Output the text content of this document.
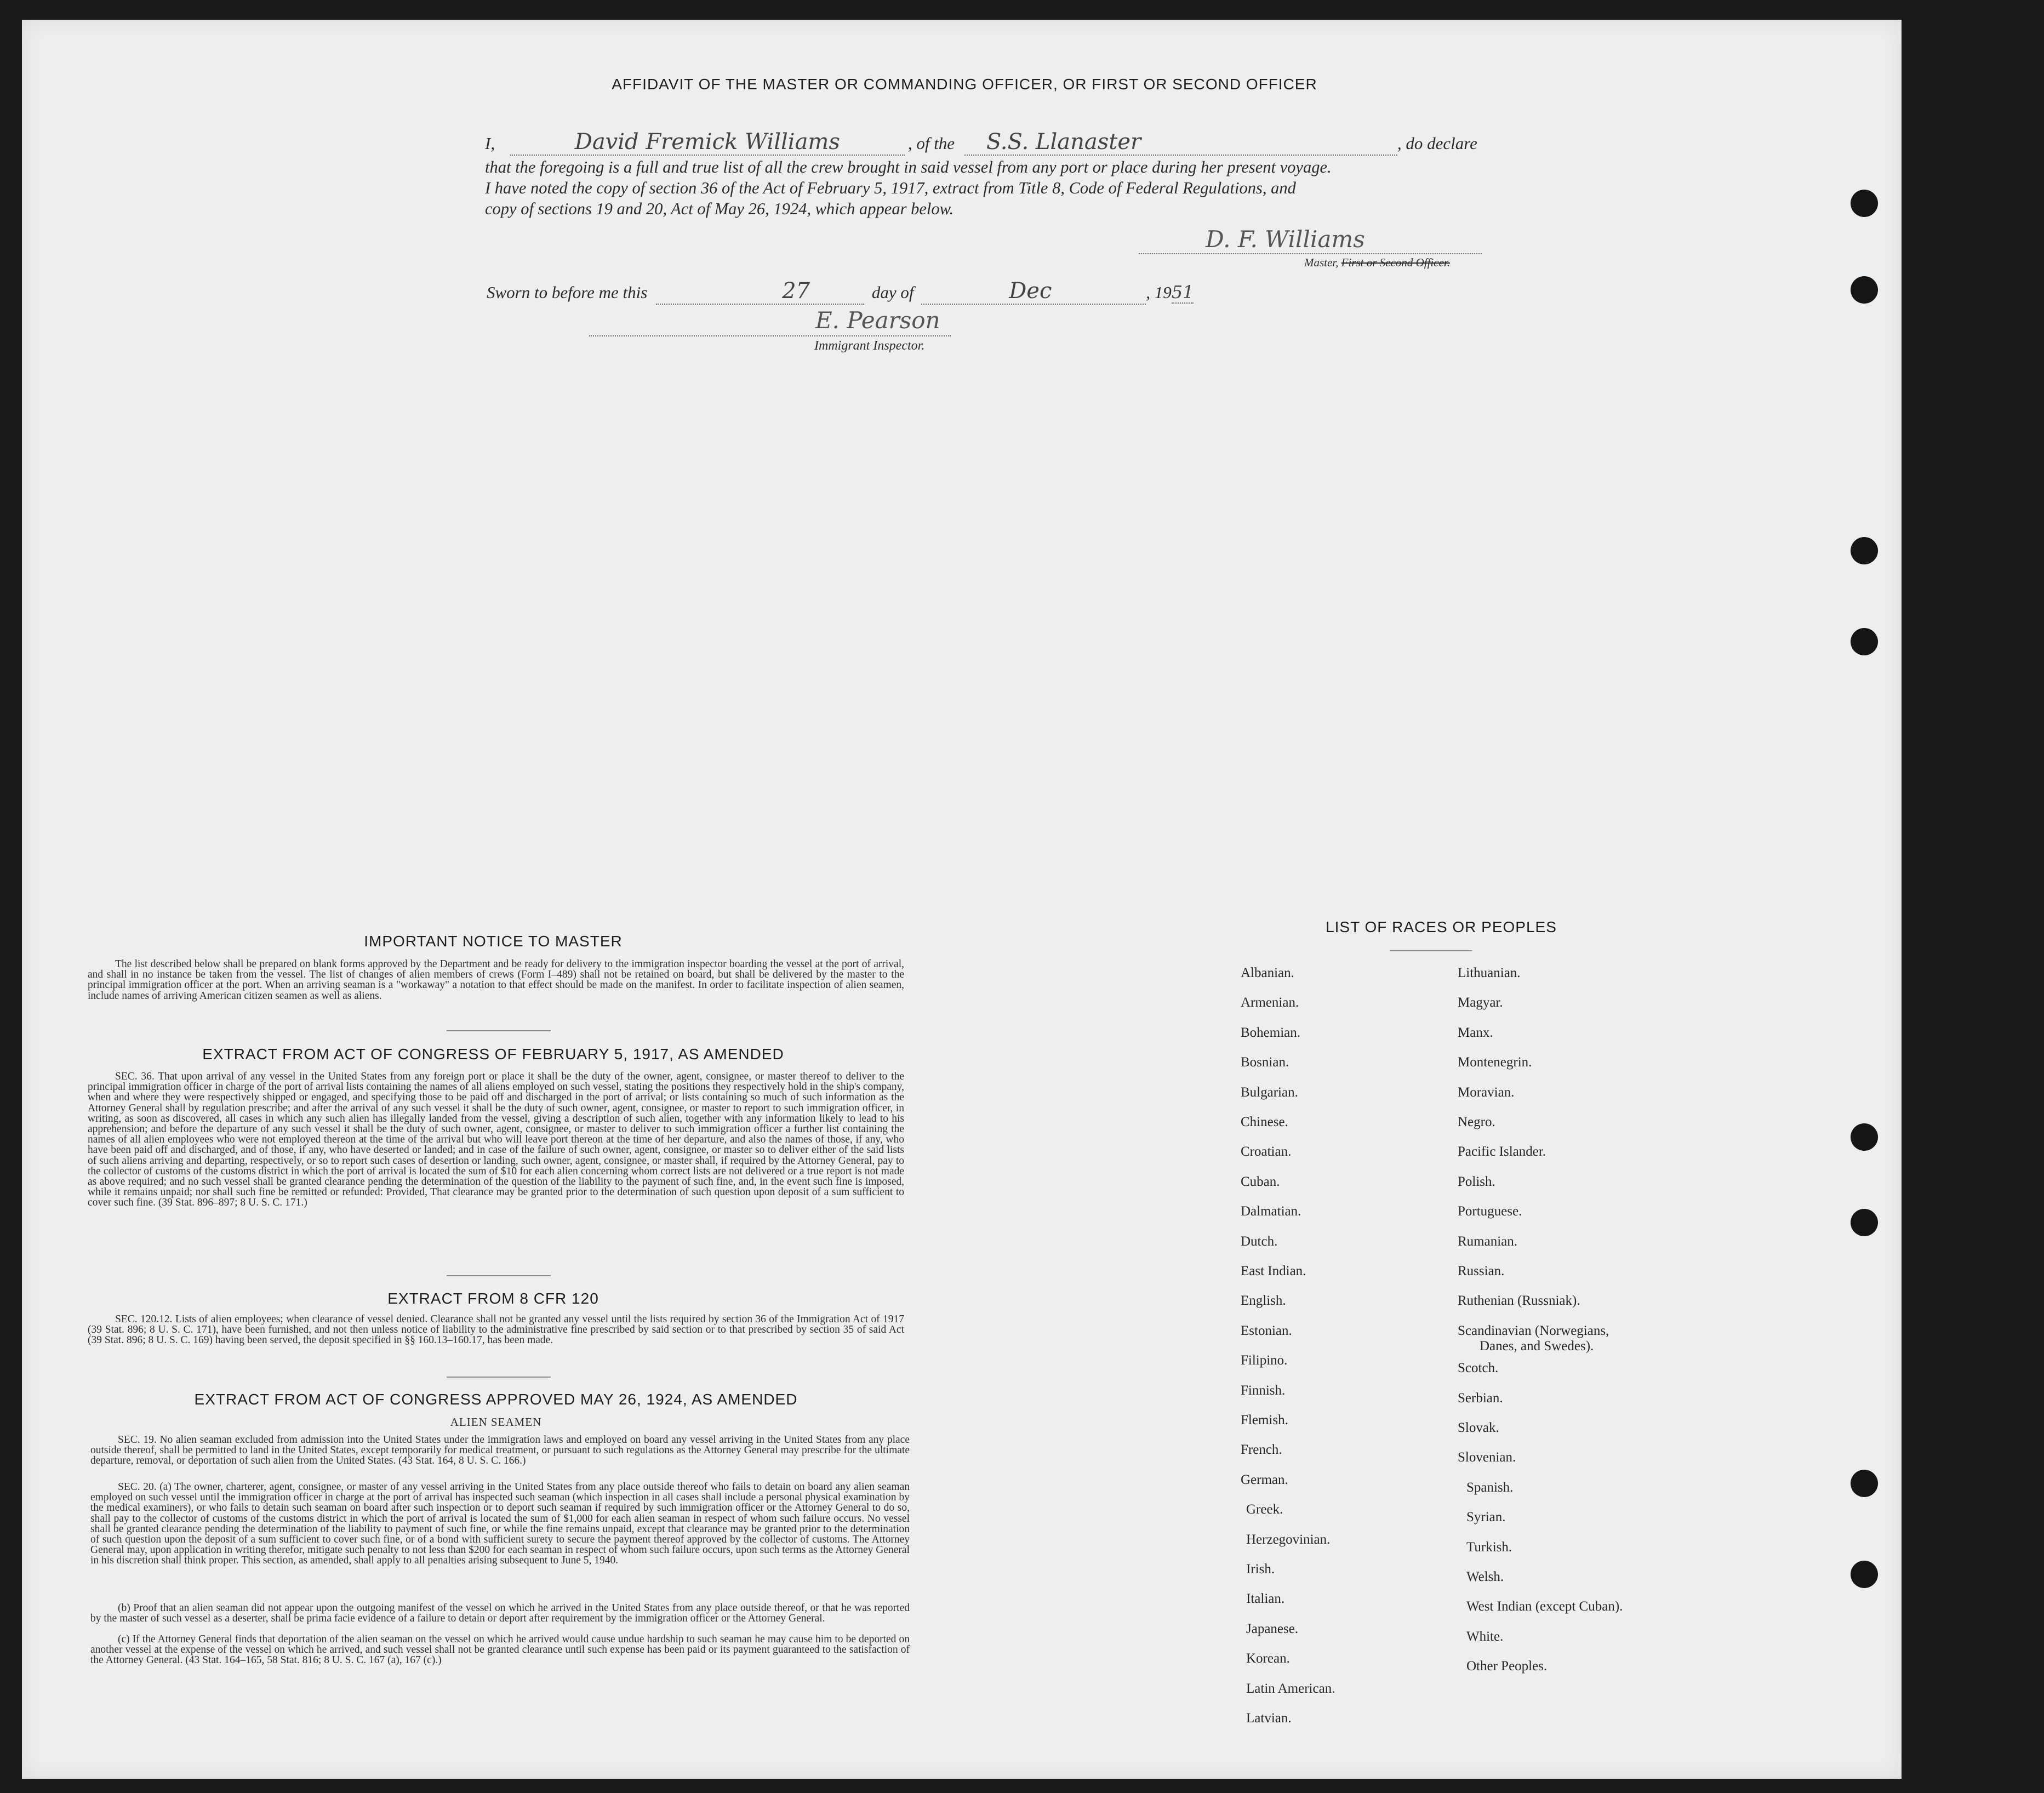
AFFIDAVIT OF THE MASTER OR COMMANDING OFFICER, OR FIRST OR SECOND OFFICER
I,	David Fremick Williams	, of the S.S. Llanaster	, do declare
that the foregoing is a full and true list of all the crew brought in said vessel from any port or place during her present voyage.
I have noted the copy of section 36 of the Act of February 5, 1917, extract from Title 8, Code of Federal Regulations, and
copy of sections 19 and 20, Act of May 26, 1924, which appear below.
D. F. Williams
Master, First or Second Officer.
Sworn to before me this	27	day of	Dec	, 1951
E. Pearson
Immigrant Inspector.
IMPORTANT NOTICE TO MASTER
The list described below shall be prepared on blank forms approved by the Department and be ready for delivery to the immigration inspector boarding the vessel at the port of arrival, and shall in no instance be taken from the vessel. The list of changes of alien members of crews (Form I–489) shall not be retained on board, but shall be delivered by the master to the principal immigration officer at the port. When an arriving seaman is a "workaway" a notation to that effect should be made on the manifest. In order to facilitate inspection of alien seamen, include names of arriving American citizen seamen as well as aliens.
EXTRACT FROM ACT OF CONGRESS OF FEBRUARY 5, 1917, AS AMENDED
SEC. 36. That upon arrival of any vessel in the United States from any foreign port or place it shall be the duty of the owner, agent, consignee, or master thereof to deliver to the principal immigration officer in charge of the port of arrival lists containing the names of all aliens employed on such vessel, stating the positions they respectively hold in the ship's company, when and where they were respectively shipped or engaged, and specifying those to be paid off and discharged in the port of arrival; or lists containing so much of such information as the Attorney General shall by regulation prescribe; and after the arrival of any such vessel it shall be the duty of such owner, agent, consignee, or master to report to such immigration officer, in writing, as soon as discovered, all cases in which any such alien has illegally landed from the vessel, giving a description of such alien, together with any information likely to lead to his apprehension; and before the departure of any such vessel it shall be the duty of such owner, agent, consignee, or master to deliver to such immigration officer a further list containing the names of all alien employees who were not employed thereon at the time of the arrival but who will leave port thereon at the time of her departure, and also the names of those, if any, who have been paid off and discharged, and of those, if any, who have deserted or landed; and in case of the failure of such owner, agent, consignee, or master so to deliver either of the said lists of such aliens arriving and departing, respectively, or so to report such cases of desertion or landing, such owner, agent, consignee, or master shall, if required by the Attorney General, pay to the collector of customs of the customs district in which the port of arrival is located the sum of $10 for each alien concerning whom correct lists are not delivered or a true report is not made as above required; and no such vessel shall be granted clearance pending the determination of the question of the liability to the payment of such fine, and, in the event such fine is imposed, while it remains unpaid; nor shall such fine be remitted or refunded: Provided, That clearance may be granted prior to the determination of such question upon deposit of a sum sufficient to cover such fine. (39 Stat. 896–897; 8 U. S. C. 171.)
EXTRACT FROM 8 CFR 120
SEC. 120.12. Lists of alien employees; when clearance of vessel denied. Clearance shall not be granted any vessel until the lists required by section 36 of the Immigration Act of 1917 (39 Stat. 896; 8 U. S. C. 171), have been furnished, and not then unless notice of liability to the administrative fine prescribed by said section or to that prescribed by section 35 of said Act (39 Stat. 896; 8 U. S. C. 169) having been served, the deposit specified in §§ 160.13–160.17, has been made.
EXTRACT FROM ACT OF CONGRESS APPROVED MAY 26, 1924, AS AMENDED
ALIEN SEAMEN
SEC. 19. No alien seaman excluded from admission into the United States under the immigration laws and employed on board any vessel arriving in the United States from any place outside thereof, shall be permitted to land in the United States, except temporarily for medical treatment, or pursuant to such regulations as the Attorney General may prescribe for the ultimate departure, removal, or deportation of such alien from the United States. (43 Stat. 164, 8 U. S. C. 166.)
SEC. 20. (a) The owner, charterer, agent, consignee, or master of any vessel arriving in the United States from any place outside thereof who fails to detain on board any alien seaman employed on such vessel until the immigration officer in charge at the port of arrival has inspected such seaman (which inspection in all cases shall include a personal physical examination by the medical examiners), or who fails to detain such seaman on board after such inspection or to deport such seaman if required by such immigration officer or the Attorney General to do so, shall pay to the collector of customs of the customs district in which the port of arrival is located the sum of $1,000 for each alien seaman in respect of whom such failure occurs. No vessel shall be granted clearance pending the determination of the liability to payment of such fine, or while the fine remains unpaid, except that clearance may be granted prior to the determination of such question upon the deposit of a sum sufficient to cover such fine, or of a bond with sufficient surety to secure the payment thereof approved by the collector of customs. The Attorney General may, upon application in writing therefor, mitigate such penalty to not less than $200 for each seaman in respect of whom such failure occurs, upon such terms as the Attorney General in his discretion shall think proper. This section, as amended, shall apply to all penalties arising subsequent to June 5, 1940.
(b) Proof that an alien seaman did not appear upon the outgoing manifest of the vessel on which he arrived in the United States from any place outside thereof, or that he was reported by the master of such vessel as a deserter, shall be prima facie evidence of a failure to detain or deport after requirement by the immigration officer or the Attorney General.
(c) If the Attorney General finds that deportation of the alien seaman on the vessel on which he arrived would cause undue hardship to such seaman he may cause him to be deported on another vessel at the expense of the vessel on which he arrived, and such vessel shall not be granted clearance until such expense has been paid or its payment guaranteed to the satisfaction of the Attorney General. (43 Stat. 164–165, 58 Stat. 816; 8 U. S. C. 167 (a), 167 (c).)
LIST OF RACES OR PEOPLES
Albanian.
Armenian.
Bohemian.
Bosnian.
Bulgarian.
Chinese.
Croatian.
Cuban.
Dalmatian.
Dutch.
East Indian.
English.
Estonian.
Filipino.
Finnish.
Flemish.
French.
German.
Greek.
Herzegovinian.
Irish.
Italian.
Japanese.
Korean.
Latin American.
Latvian.
Lithuanian.
Magyar.
Manx.
Montenegrin.
Moravian.
Negro.
Pacific Islander.
Polish.
Portuguese.
Rumanian.
Russian.
Ruthenian (Russniak).
Scandinavian (Norwegians,
Danes, and Swedes).
Scotch.
Serbian.
Slovak.
Slovenian.
Spanish.
Syrian.
Turkish.
Welsh.
West Indian (except Cuban).
White.
Other Peoples.
